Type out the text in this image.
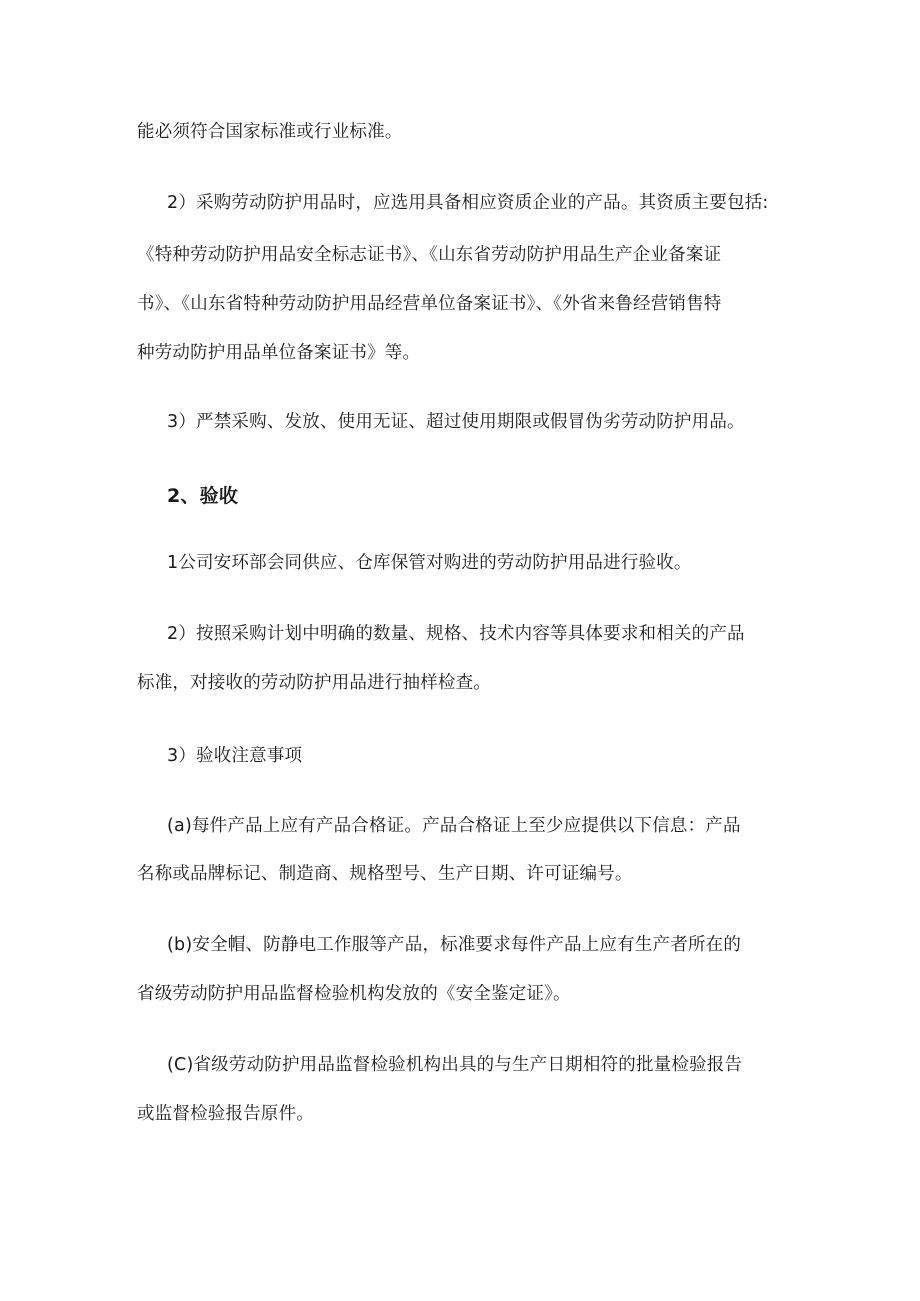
能必须符合国家标准或行业标准。
2）采购劳动防护用品时，应选用具备相应资质企业的产品。其资质主要包括:
《特种劳动防护用品安全标志证书》、《山东省劳动防护用品生产企业备案证
书》、《山东省特种劳动防护用品经营单位备案证书》、《外省来鲁经营销售特
种劳动防护用品单位备案证书》等。
3）严禁采购、发放、使用无证、超过使用期限或假冒伪劣劳动防护用品。
2、验收
1公司安环部会同供应、仓库保管对购进的劳动防护用品进行验收。
2）按照采购计划中明确的数量、规格、技术内容等具体要求和相关的产品
标准，对接收的劳动防护用品进行抽样检查。
3）验收注意事项
(a)每件产品上应有产品合格证。产品合格证上至少应提供以下信息：产品
名称或品牌标记、制造商、规格型号、生产日期、许可证编号。
(b)安全帽、防静电工作服等产品，标准要求每件产品上应有生产者所在的
省级劳动防护用品监督检验机构发放的《安全鉴定证》。
(C)省级劳动防护用品监督检验机构出具的与生产日期相符的批量检验报告
或监督检验报告原件。
